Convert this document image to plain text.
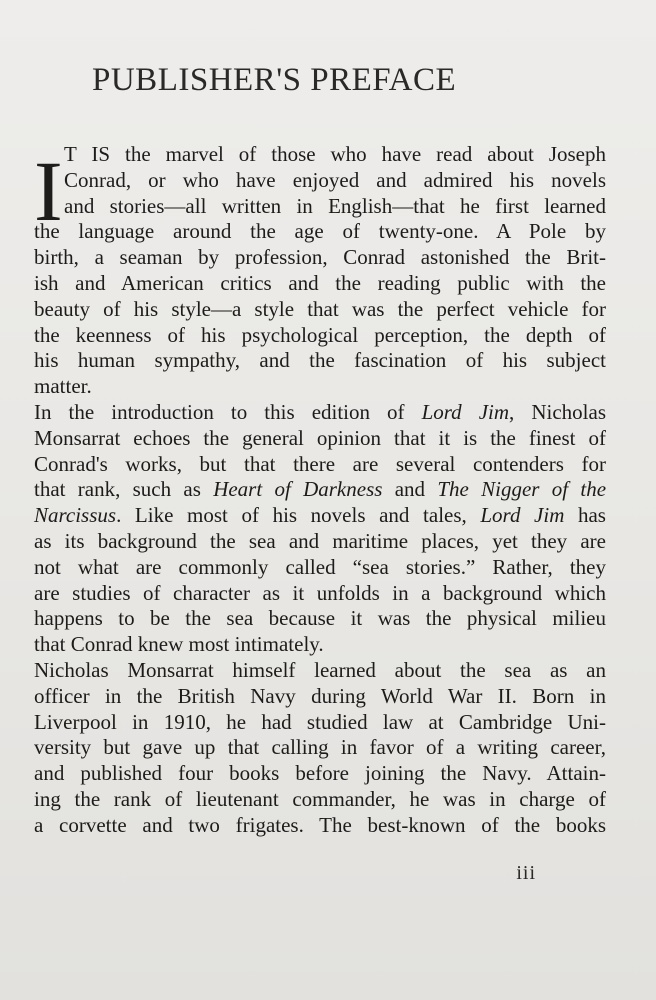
PUBLISHER'S PREFACE
I T IS the marvel of those who have read about Joseph
Conrad, or who have enjoyed and admired his novels
and stories—all written in English—that he first learned
the language around the age of twenty-one. A Pole by
birth, a seaman by profession, Conrad astonished the Brit-
ish and American critics and the reading public with the
beauty of his style—a style that was the perfect vehicle for
the keenness of his psychological perception, the depth of
his human sympathy, and the fascination of his subject
matter.
In the introduction to this edition of Lord Jim, Nicholas
Monsarrat echoes the general opinion that it is the finest of
Conrad's works, but that there are several contenders for
that rank, such as Heart of Darkness and The Nigger of the
Narcissus. Like most of his novels and tales, Lord Jim has
as its background the sea and maritime places, yet they are
not what are commonly called “sea stories.” Rather, they
are studies of character as it unfolds in a background which
happens to be the sea because it was the physical milieu
that Conrad knew most intimately.
Nicholas Monsarrat himself learned about the sea as an
officer in the British Navy during World War II. Born in
Liverpool in 1910, he had studied law at Cambridge Uni-
versity but gave up that calling in favor of a writing career,
and published four books before joining the Navy. Attain-
ing the rank of lieutenant commander, he was in charge of
a corvette and two frigates. The best-known of the books
iii
